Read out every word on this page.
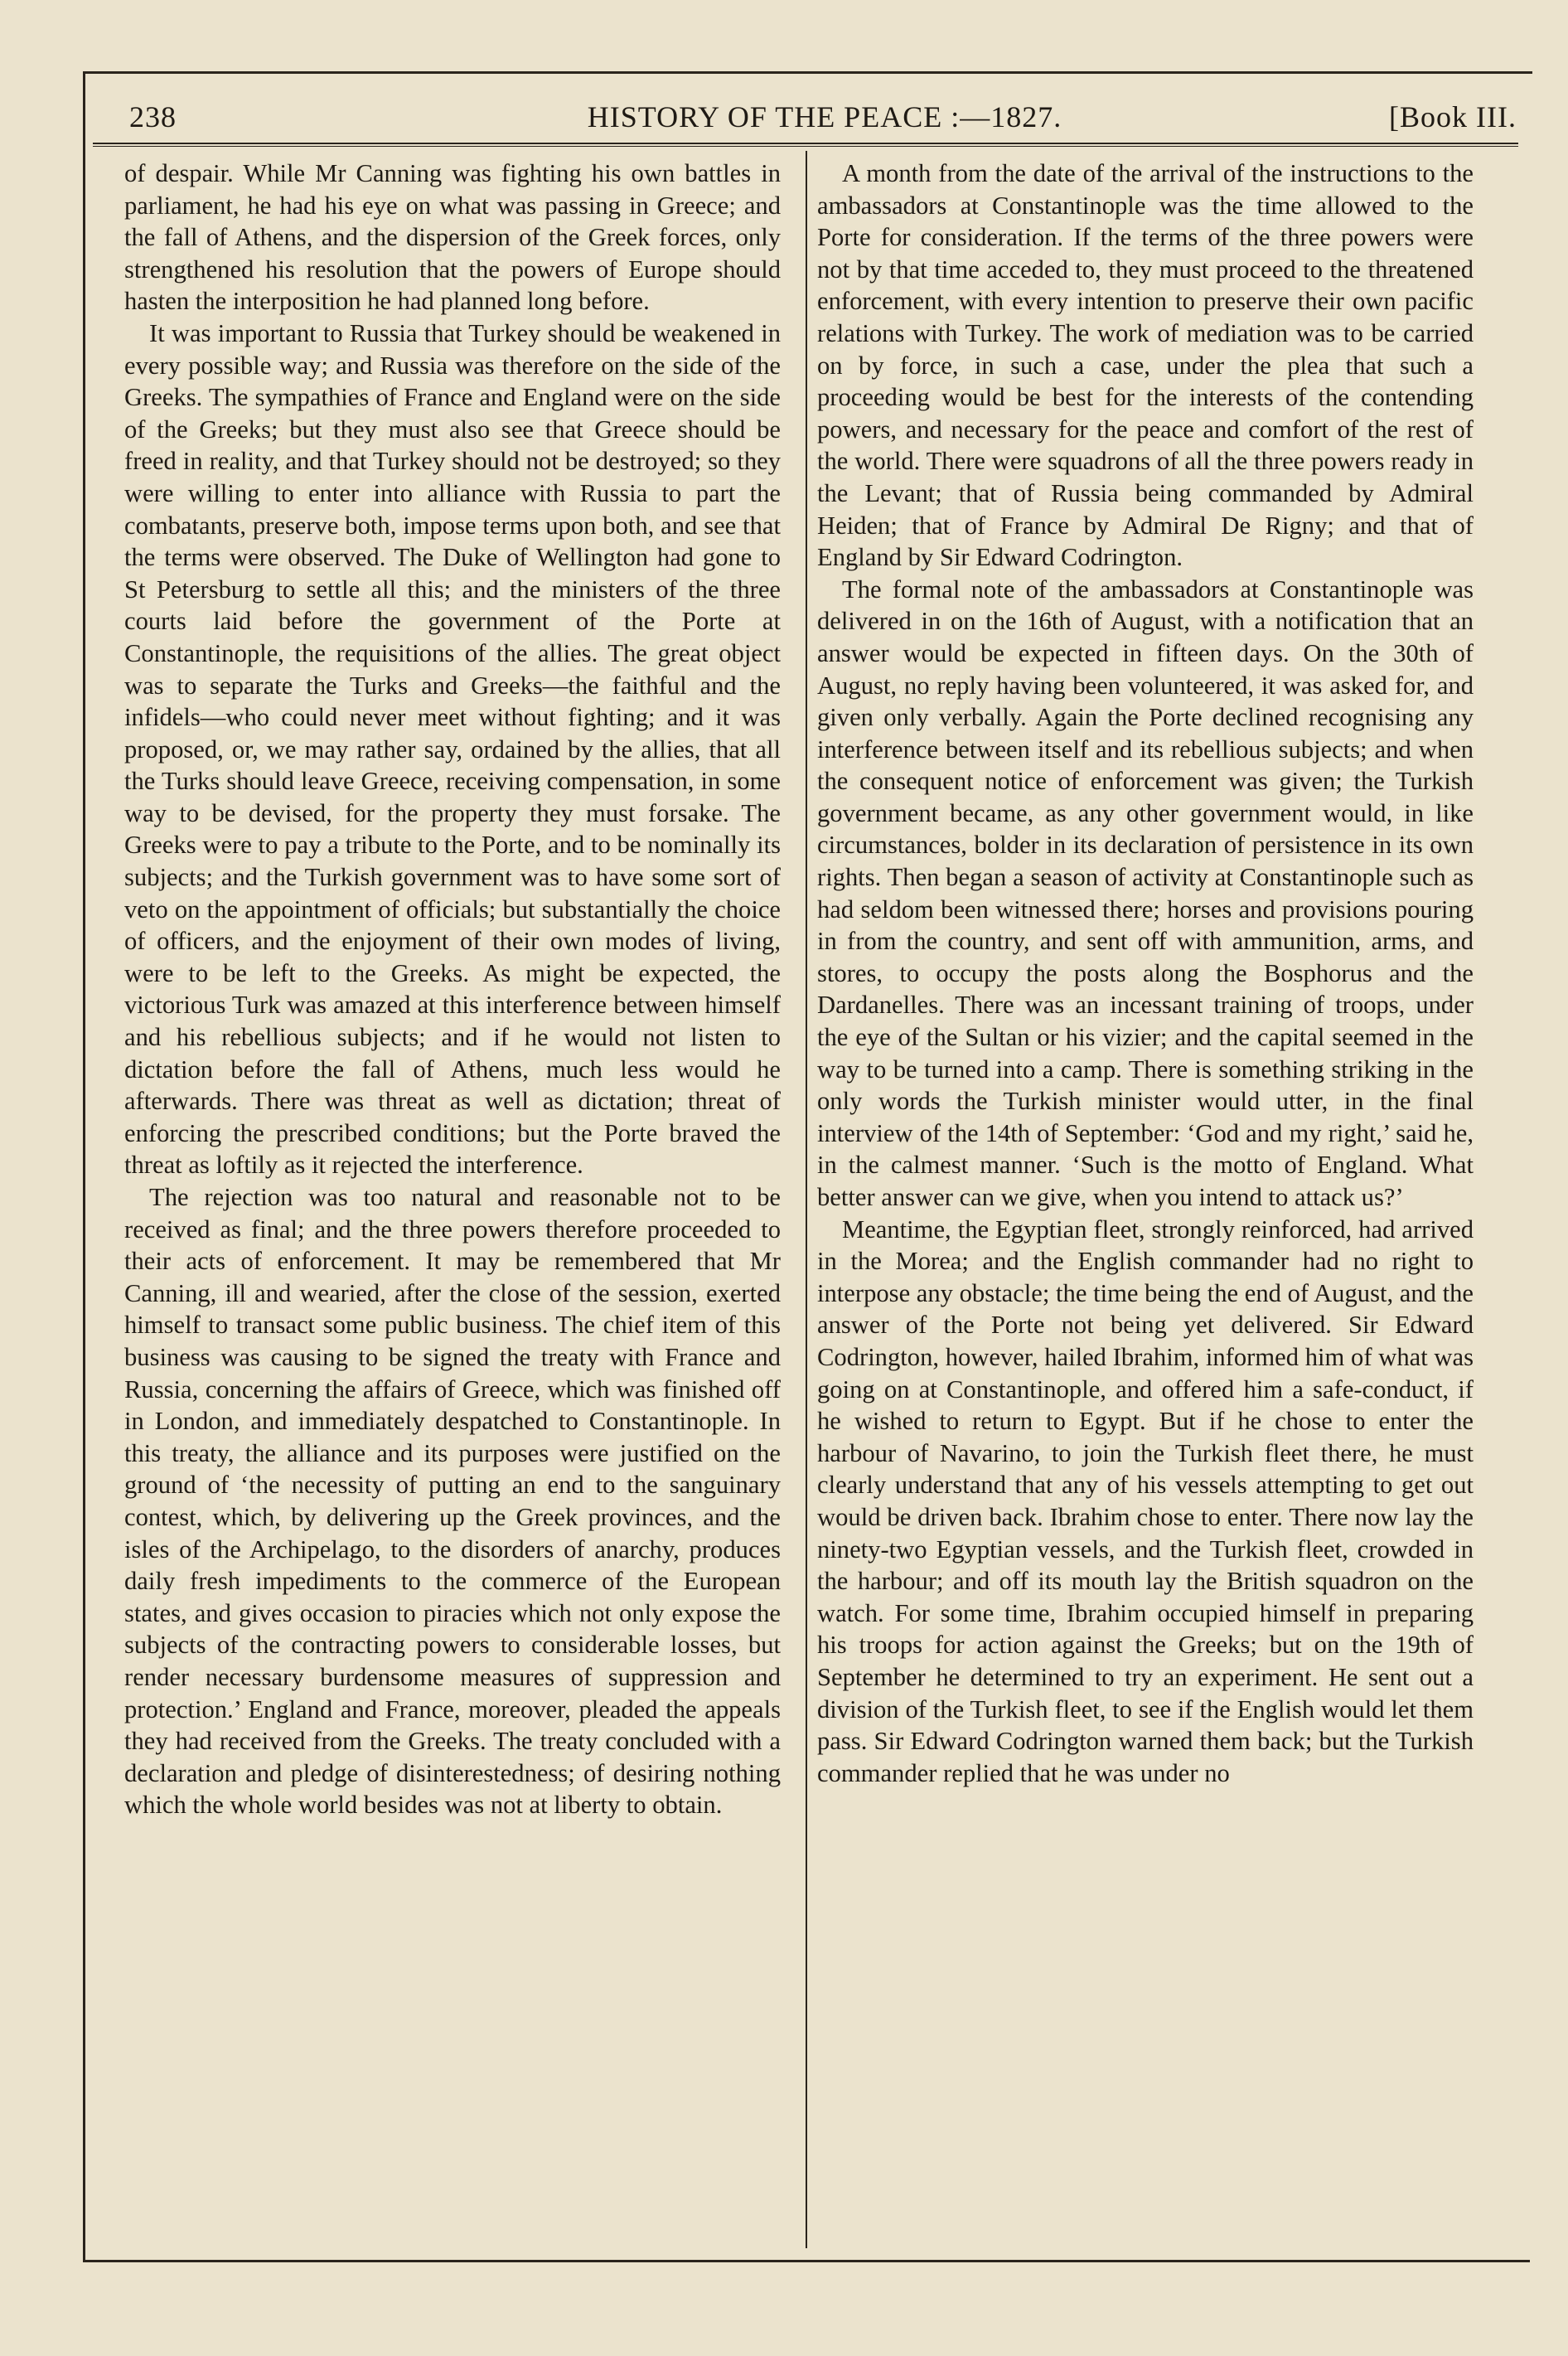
238	HISTORY OF THE PEACE :—1827.	[Book III.

of despair. While Mr Canning was fighting his own battles in parliament, he had his eye on what was passing in Greece; and the fall of Athens, and the dispersion of the Greek forces, only strengthened his resolution that the powers of Europe should hasten the interposition he had planned long before.

It was important to Russia that Turkey should be weakened in every possible way; and Russia was therefore on the side of the Greeks. The sympathies of France and England were on the side of the Greeks; but they must also see that Greece should be freed in reality, and that Turkey should not be destroyed; so they were willing to enter into alliance with Russia to part the combatants, preserve both, impose terms upon both, and see that the terms were observed. The Duke of Wellington had gone to St Petersburg to settle all this; and the ministers of the three courts laid before the government of the Porte at Constantinople, the requisitions of the allies. The great object was to separate the Turks and Greeks—the faithful and the infidels—who could never meet without fighting; and it was proposed, or, we may rather say, ordained by the allies, that all the Turks should leave Greece, receiving compensation, in some way to be devised, for the property they must forsake. The Greeks were to pay a tribute to the Porte, and to be nominally its subjects; and the Turkish government was to have some sort of veto on the appointment of officials; but substantially the choice of officers, and the enjoyment of their own modes of living, were to be left to the Greeks. As might be expected, the victorious Turk was amazed at this interference between himself and his rebellious subjects; and if he would not listen to dictation before the fall of Athens, much less would he afterwards. There was threat as well as dictation; threat of enforcing the prescribed conditions; but the Porte braved the threat as loftily as it rejected the interference.

The rejection was too natural and reasonable not to be received as final; and the three powers therefore proceeded to their acts of enforcement. It may be remembered that Mr Canning, ill and wearied, after the close of the session, exerted himself to transact some public business. The chief item of this business was causing to be signed the treaty with France and Russia, concerning the affairs of Greece, which was finished off in London, and immediately despatched to Constantinople. In this treaty, the alliance and its purposes were justified on the ground of ‘the necessity of putting an end to the sanguinary contest, which, by delivering up the Greek provinces, and the isles of the Archipelago, to the disorders of anarchy, produces daily fresh impediments to the commerce of the European states, and gives occasion to piracies which not only expose the subjects of the contracting powers to considerable losses, but render necessary burdensome measures of suppression and protection.’ England and France, moreover, pleaded the appeals they had received from the Greeks. The treaty concluded with a declaration and pledge of disinterestedness; of desiring nothing which the whole world besides was not at liberty to obtain.

A month from the date of the arrival of the instructions to the ambassadors at Constantinople was the time allowed to the Porte for consideration. If the terms of the three powers were not by that time acceded to, they must proceed to the threatened enforcement, with every intention to preserve their own pacific relations with Turkey. The work of mediation was to be carried on by force, in such a case, under the plea that such a proceeding would be best for the interests of the contending powers, and necessary for the peace and comfort of the rest of the world. There were squadrons of all the three powers ready in the Levant; that of Russia being commanded by Admiral Heiden; that of France by Admiral De Rigny; and that of England by Sir Edward Codrington.

The formal note of the ambassadors at Constantinople was delivered in on the 16th of August, with a notification that an answer would be expected in fifteen days. On the 30th of August, no reply having been volunteered, it was asked for, and given only verbally. Again the Porte declined recognising any interference between itself and its rebellious subjects; and when the consequent notice of enforcement was given; the Turkish government became, as any other government would, in like circumstances, bolder in its declaration of persistence in its own rights. Then began a season of activity at Constantinople such as had seldom been witnessed there; horses and provisions pouring in from the country, and sent off with ammunition, arms, and stores, to occupy the posts along the Bosphorus and the Dardanelles. There was an incessant training of troops, under the eye of the Sultan or his vizier; and the capital seemed in the way to be turned into a camp. There is something striking in the only words the Turkish minister would utter, in the final interview of the 14th of September: ‘God and my right,’ said he, in the calmest manner. ‘Such is the motto of England. What better answer can we give, when you intend to attack us?’

Meantime, the Egyptian fleet, strongly reinforced, had arrived in the Morea; and the English commander had no right to interpose any obstacle; the time being the end of August, and the answer of the Porte not being yet delivered. Sir Edward Codrington, however, hailed Ibrahim, informed him of what was going on at Constantinople, and offered him a safe-conduct, if he wished to return to Egypt. But if he chose to enter the harbour of Navarino, to join the Turkish fleet there, he must clearly understand that any of his vessels attempting to get out would be driven back. Ibrahim chose to enter. There now lay the ninety-two Egyptian vessels, and the Turkish fleet, crowded in the harbour; and off its mouth lay the British squadron on the watch. For some time, Ibrahim occupied himself in preparing his troops for action against the Greeks; but on the 19th of September he determined to try an experiment. He sent out a division of the Turkish fleet, to see if the English would let them pass. Sir Edward Codrington warned them back; but the Turkish commander replied that he was under no
